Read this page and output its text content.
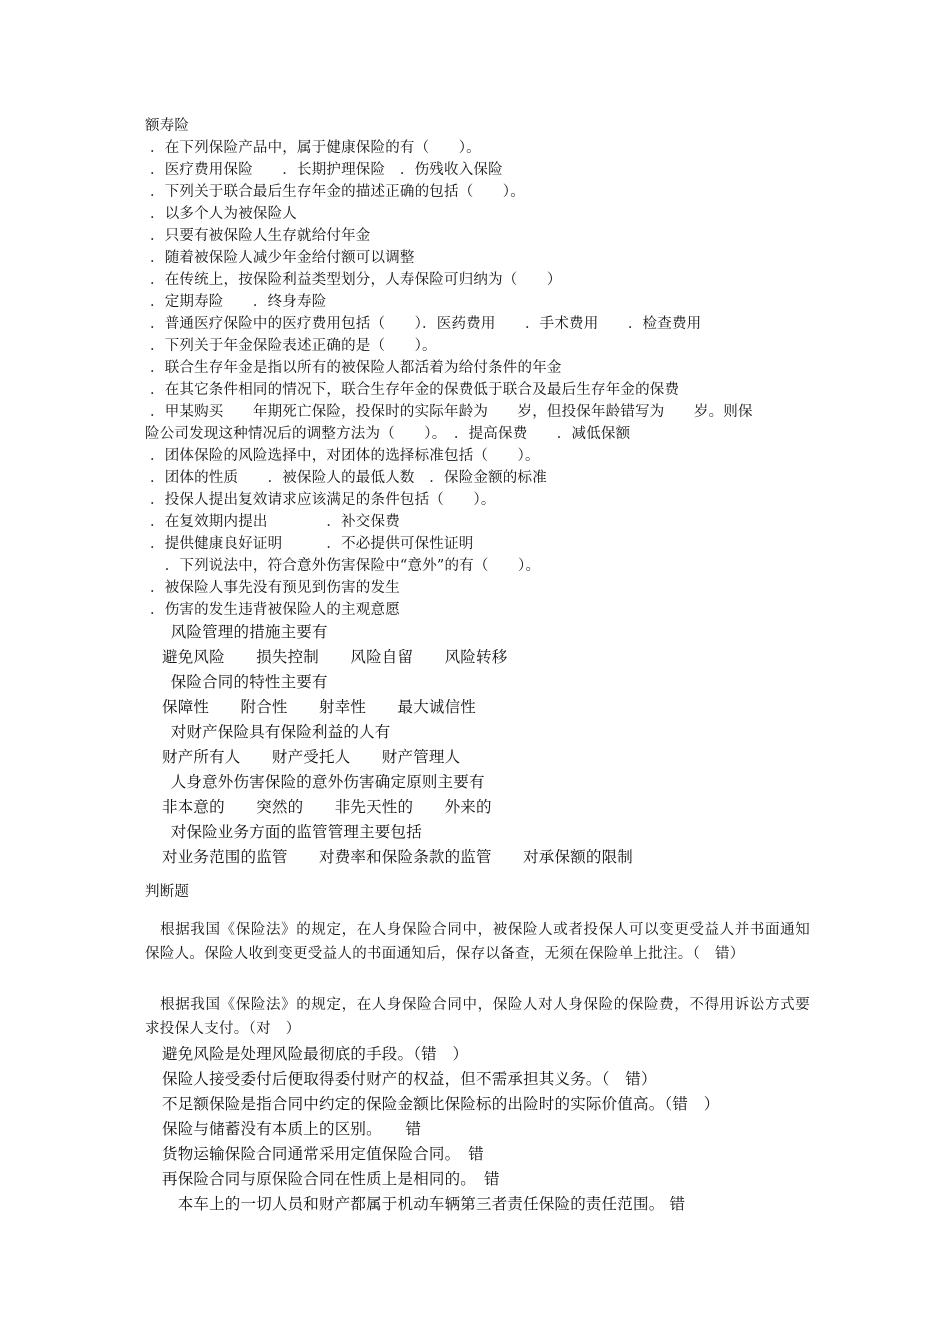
额寿险

．在下列保险产品中，属于健康保险的有（　　）。

．医疗费用保险　　．长期护理保险　．伤残收入保险

．下列关于联合最后生存年金的描述正确的包括（　　）。

．以多个人为被保险人

．只要有被保险人生存就给付年金

．随着被保险人减少年金给付额可以调整

．在传统上，按保险利益类型划分，人寿保险可归纳为（　　）

．定期寿险　　．终身寿险

．普通医疗保险中的医疗费用包括（　　）．医药费用　　．手术费用　　．检查费用

．下列关于年金保险表述正确的是（　　）。

．联合生存年金是指以所有的被保险人都活着为给付条件的年金

．在其它条件相同的情况下，联合生存年金的保费低于联合及最后生存年金的保费

．甲某购买　　年期死亡保险，投保时的实际年龄为　　岁，但投保年龄错写为　　岁。则保

险公司发现这种情况后的调整方法为（　　）。　．提高保费　　．减低保额

．团体保险的风险选择中，对团体的选择标准包括（　　）。

．团体的性质　　．被保险人的最低人数　．保险金额的标准

．投保人提出复效请求应该满足的条件包括（　　）。

．在复效期内提出　　　　．补交保费

．提供健康良好证明　　　．不必提供可保性证明

　．下列说法中，符合意外伤害保险中“意外”的有（　　）。

．被保险人事先没有预见到伤害的发生

．伤害的发生违背被保险人的主观意愿

　风险管理的措施主要有

避免风险　　损失控制　　风险自留　　风险转移

　保险合同的特性主要有

保障性　　附合性　　射幸性　　最大诚信性

　对财产保险具有保险利益的人有

财产所有人　　财产受托人　　财产管理人

　人身意外伤害保险的意外伤害确定原则主要有

非本意的　　突然的　　非先天性的　　外来的

　对保险业务方面的监管管理主要包括

对业务范围的监管　　对费率和保险条款的监管　　对承保额的限制

判断题

　根据我国《保险法》的规定，在人身保险合同中，被保险人或者投保人可以变更受益人并书面通知保险人。保险人收到变更受益人的书面通知后，保存以备查，无须在保险单上批注。（　错）

　根据我国《保险法》的规定，在人身保险合同中，保险人对人身保险的保险费，不得用诉讼方式要求投保人支付。（对　）

避免风险是处理风险最彻底的手段。（错　）

保险人接受委付后便取得委付财产的权益，但不需承担其义务。（　错）

不足额保险是指合同中约定的保险金额比保险标的出险时的实际价值高。（错　）

保险与储蓄没有本质上的区别。　　错

货物运输保险合同通常采用定值保险合同。　错

再保险合同与原保险合同在性质上是相同的。　错

　本车上的一切人员和财产都属于机动车辆第三者责任保险的责任范围。 错
